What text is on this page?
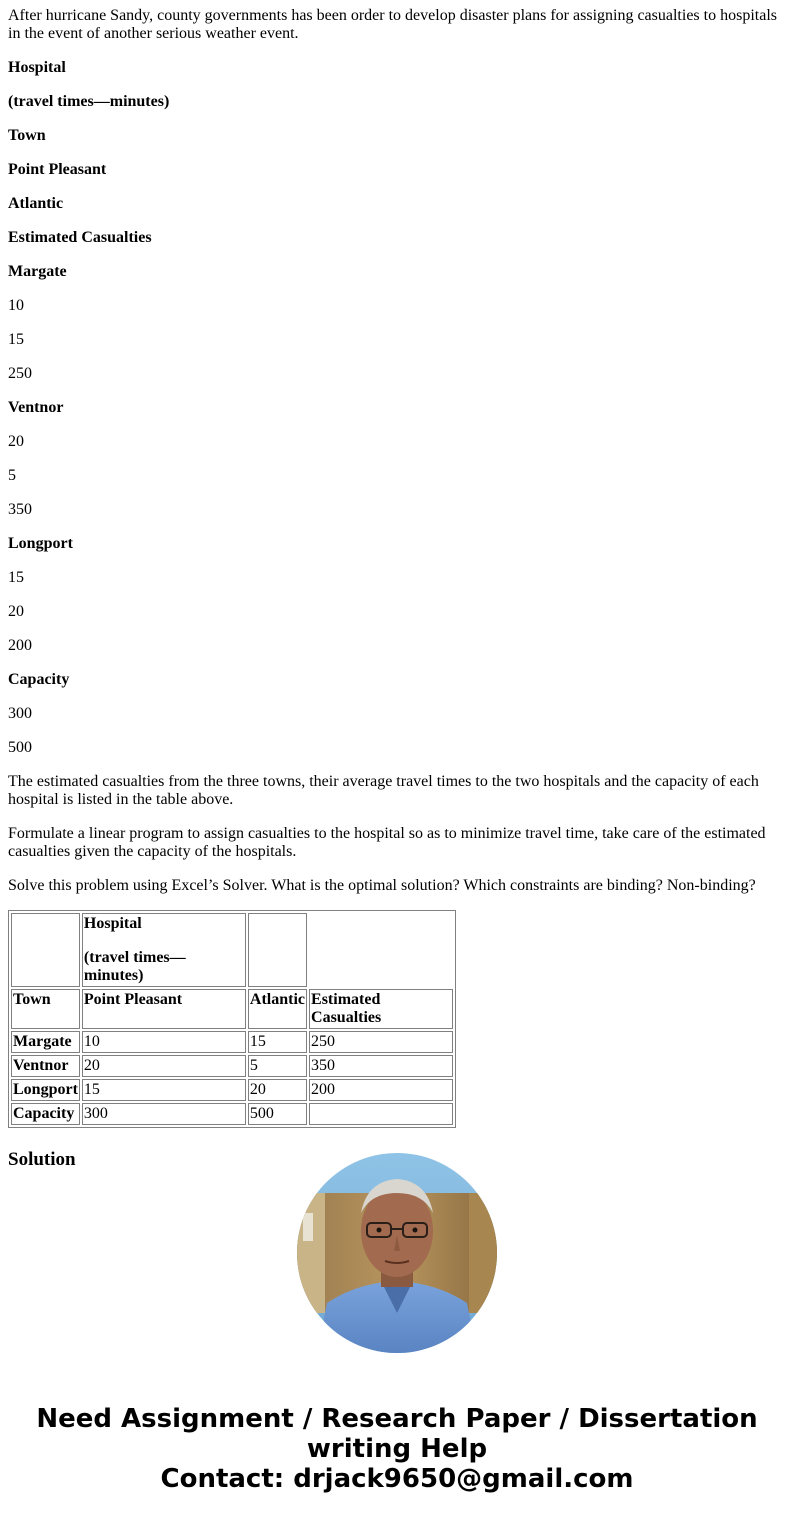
After hurricane Sandy, county governments has been order to develop disaster plans for assigning casualties to hospitals in the event of another serious weather event.

Hospital

(travel times—minutes)

Town

Point Pleasant

Atlantic

Estimated Casualties

Margate

10

15

250

Ventnor

20

5

350

Longport

15

20

200

Capacity

300

500

The estimated casualties from the three towns, their average travel times to the two hospitals and the capacity of each hospital is listed in the table above.

Formulate a linear program to assign casualties to the hospital so as to minimize travel time, take care of the estimated casualties given the capacity of the hospitals.

Solve this problem using Excel’s Solver. What is the optimal solution? Which constraints are binding? Non-binding?

	Hospital

(travel times—minutes)		

Town	Point Pleasant	Atlantic	Estimated Casualties
Margate	10	15	250
Ventnor	20	5	350
Longport	15	20	200
Capacity	300	500	
Solution
Need Assignment / Research Paper / Dissertation
writing Help
Contact: drjack9650@gmail.com
